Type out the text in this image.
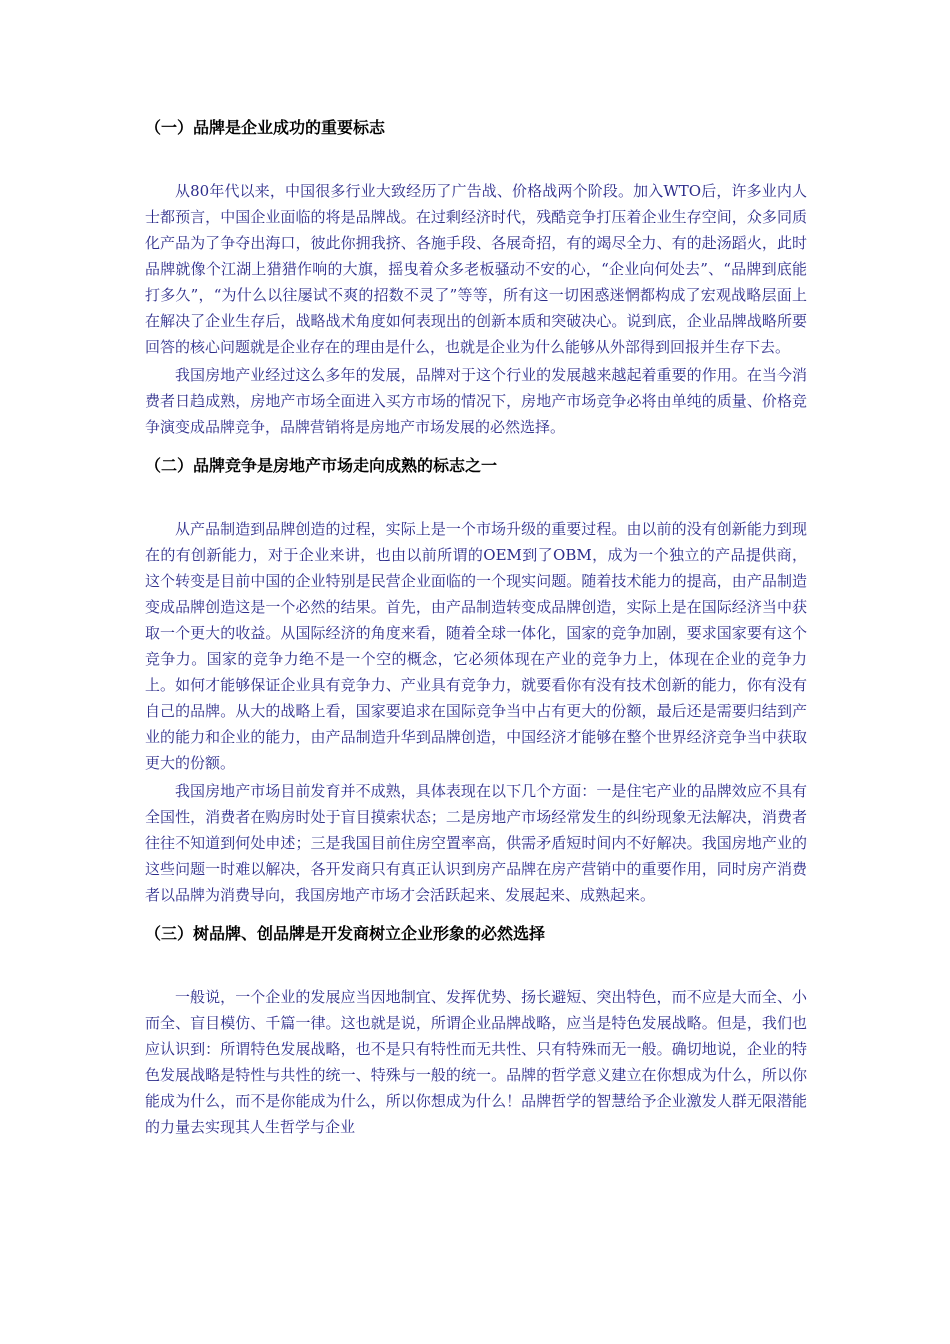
（一）品牌是企业成功的重要标志

从80年代以来，中国很多行业大致经历了广告战、价格战两个阶段。加入WTO后，许多业内人士都预言，中国企业面临的将是品牌战。在过剩经济时代，残酷竞争打压着企业生存空间，众多同质化产品为了争夺出海口，彼此你拥我挤、各施手段、各展奇招，有的竭尽全力、有的赴汤蹈火，此时品牌就像个江湖上猎猎作响的大旗，摇曳着众多老板骚动不安的心，“企业向何处去”、“品牌到底能打多久”，“为什么以往屡试不爽的招数不灵了”等等，所有这一切困惑迷惘都构成了宏观战略层面上在解决了企业生存后，战略战术角度如何表现出的创新本质和突破决心。说到底，企业品牌战略所要回答的核心问题就是企业存在的理由是什么，也就是企业为什么能够从外部得到回报并生存下去。

我国房地产业经过这么多年的发展，品牌对于这个行业的发展越来越起着重要的作用。在当今消费者日趋成熟，房地产市场全面进入买方市场的情况下，房地产市场竞争必将由单纯的质量、价格竞争演变成品牌竞争，品牌营销将是房地产市场发展的必然选择。

（二）品牌竞争是房地产市场走向成熟的标志之一

从产品制造到品牌创造的过程，实际上是一个市场升级的重要过程。由以前的没有创新能力到现在的有创新能力，对于企业来讲，也由以前所谓的OEM到了OBM，成为一个独立的产品提供商，这个转变是目前中国的企业特别是民营企业面临的一个现实问题。随着技术能力的提高，由产品制造变成品牌创造这是一个必然的结果。首先，由产品制造转变成品牌创造，实际上是在国际经济当中获取一个更大的收益。从国际经济的角度来看，随着全球一体化，国家的竞争加剧，要求国家要有这个竞争力。国家的竞争力绝不是一个空的概念，它必须体现在产业的竞争力上，体现在企业的竞争力上。如何才能够保证企业具有竞争力、产业具有竞争力，就要看你有没有技术创新的能力，你有没有自己的品牌。从大的战略上看，国家要追求在国际竞争当中占有更大的份额，最后还是需要归结到产业的能力和企业的能力，由产品制造升华到品牌创造，中国经济才能够在整个世界经济竞争当中获取更大的份额。

我国房地产市场目前发育并不成熟，具体表现在以下几个方面：一是住宅产业的品牌效应不具有全国性，消费者在购房时处于盲目摸索状态；二是房地产市场经常发生的纠纷现象无法解决，消费者往往不知道到何处申述；三是我国目前住房空置率高，供需矛盾短时间内不好解决。我国房地产业的这些问题一时难以解决，各开发商只有真正认识到房产品牌在房产营销中的重要作用，同时房产消费者以品牌为消费导向，我国房地产市场才会活跃起来、发展起来、成熟起来。

（三）树品牌、创品牌是开发商树立企业形象的必然选择

一般说，一个企业的发展应当因地制宜、发挥优势、扬长避短、突出特色，而不应是大而全、小而全、盲目模仿、千篇一律。这也就是说，所谓企业品牌战略，应当是特色发展战略。但是，我们也应认识到：所谓特色发展战略，也不是只有特性而无共性、只有特殊而无一般。确切地说，企业的特色发展战略是特性与共性的统一、特殊与一般的统一。品牌的哲学意义建立在你想成为什么，所以你能成为什么，而不是你能成为什么，所以你想成为什么！品牌哲学的智慧给予企业激发人群无限潜能的力量去实现其人生哲学与企业
